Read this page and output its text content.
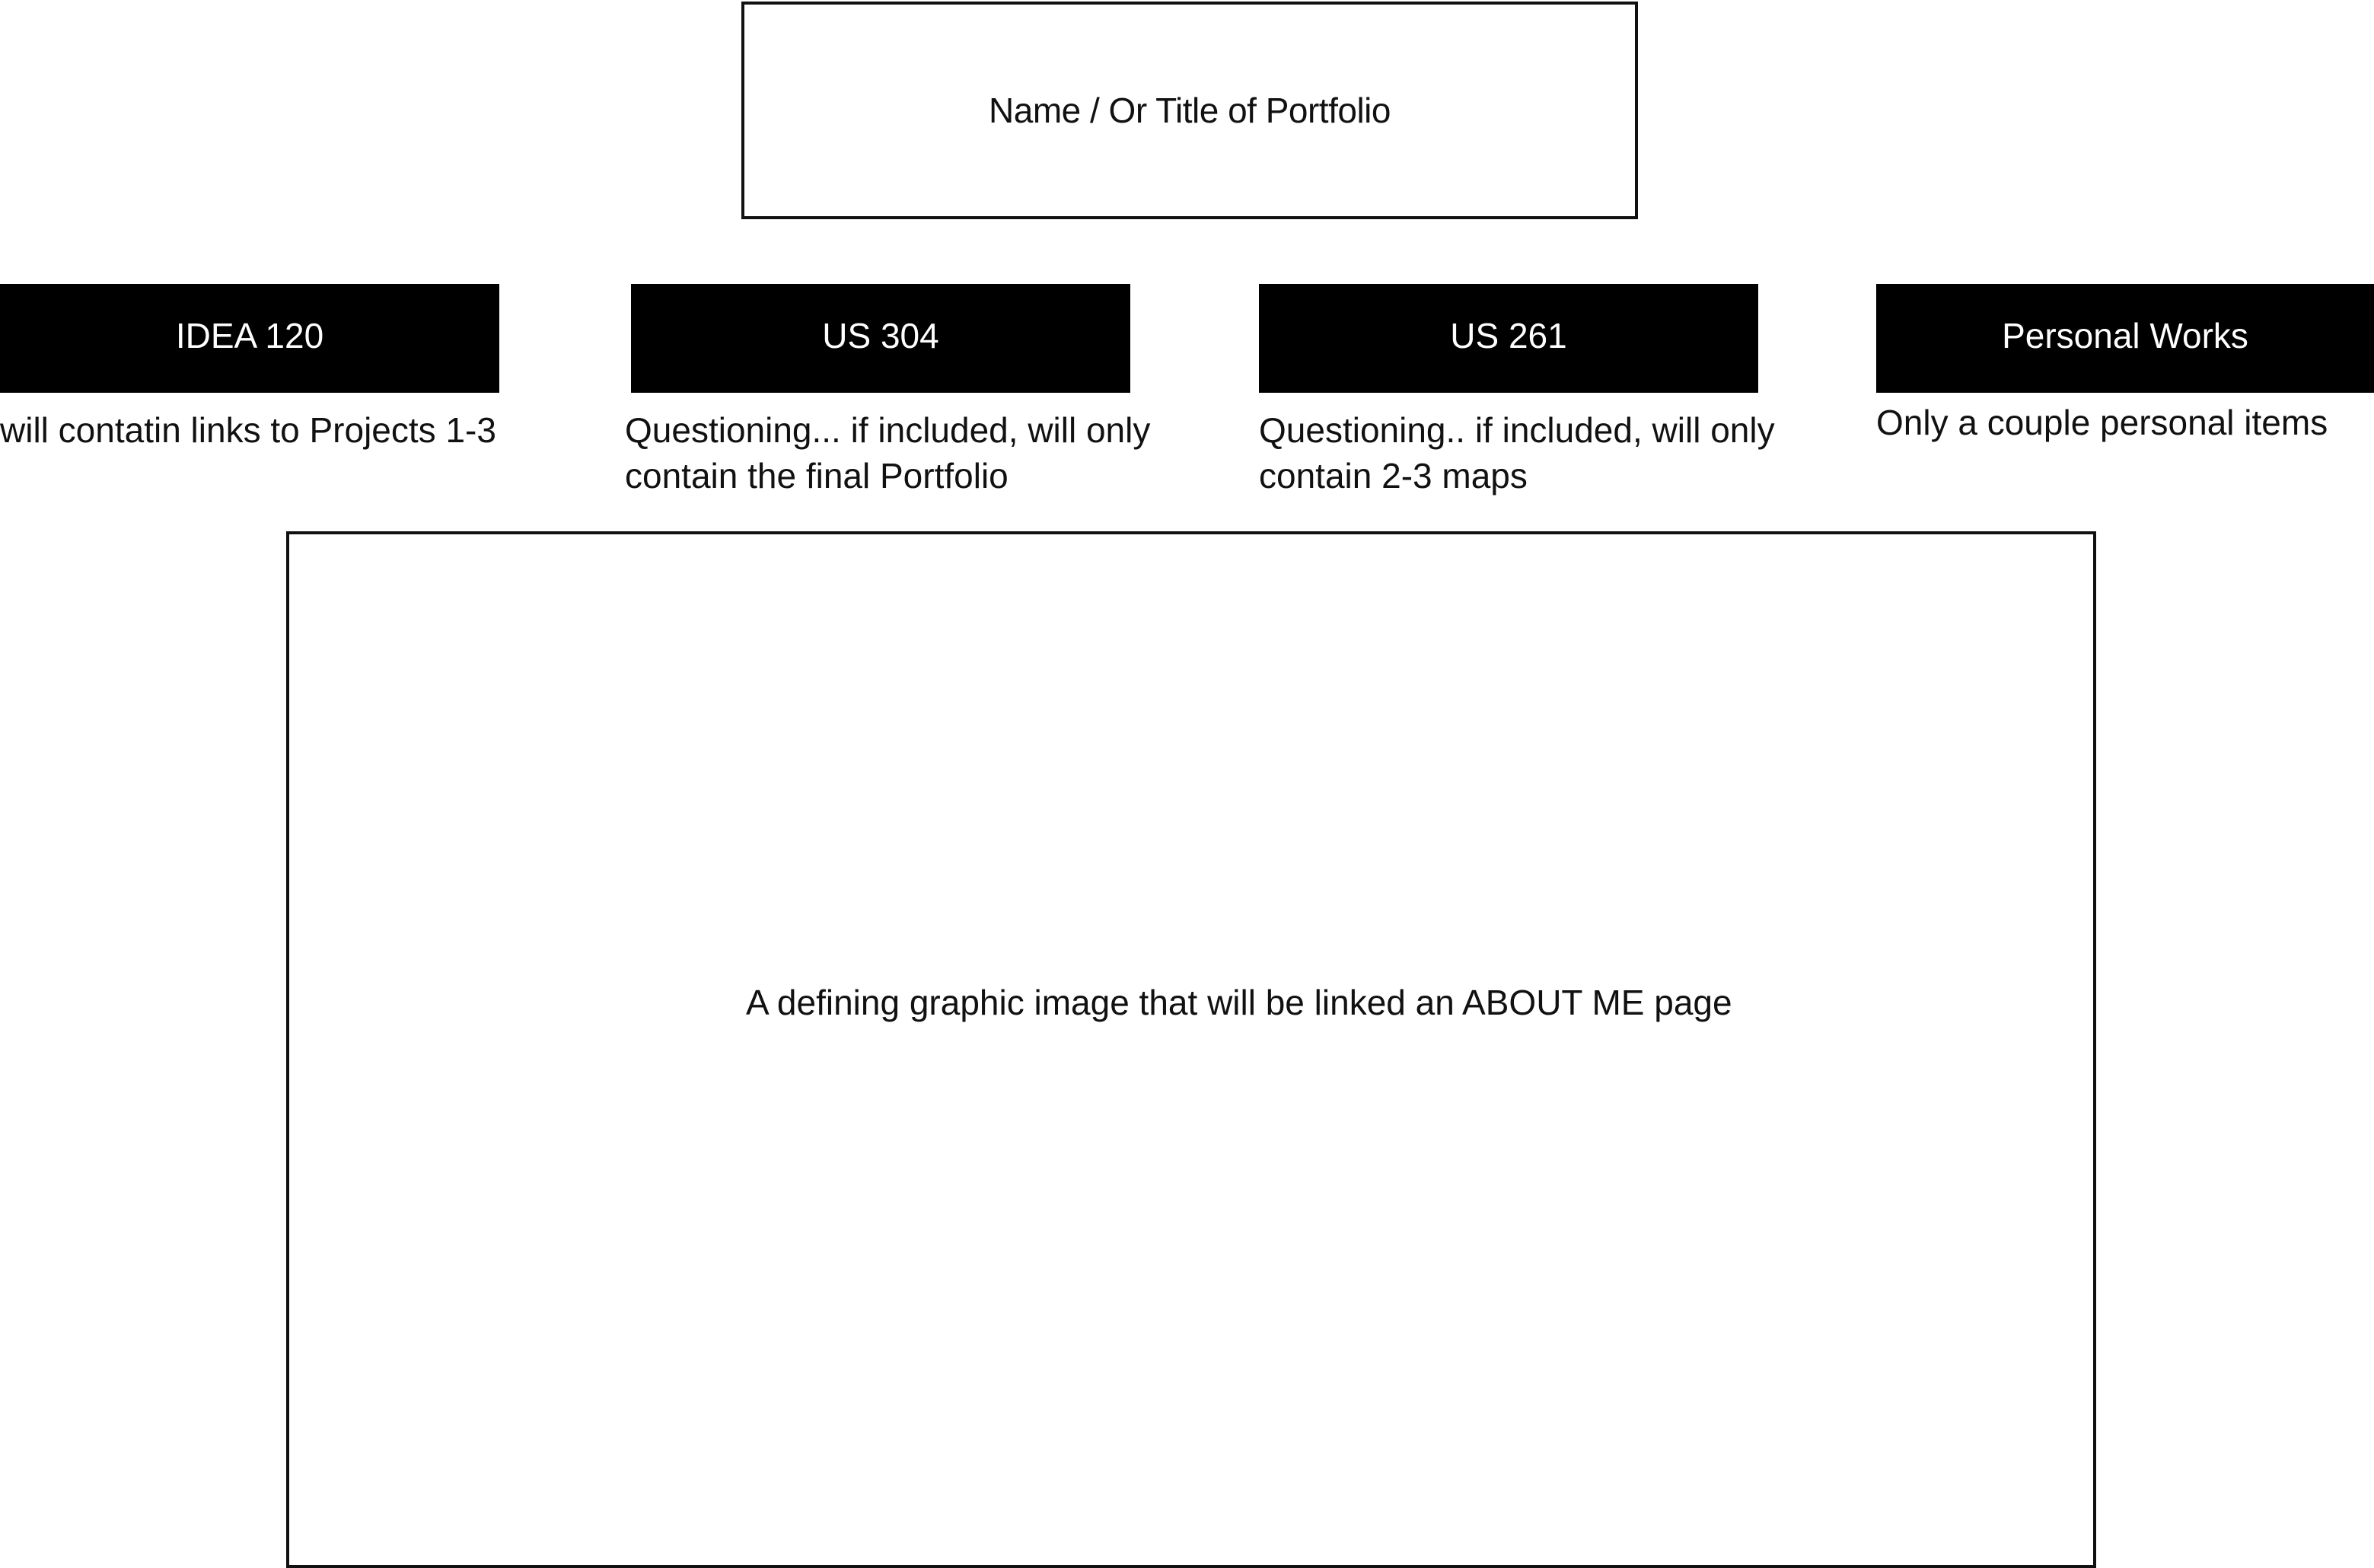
Name / Or Title of Portfolio
IDEA 120	US 304	US 261	Personal Works
will contatin links to Projects 1-3	Questioning... if included, will only
contain the final Portfolio
Questioning.. if included, will only
contain 2-3 maps
Only a couple personal items
A defining graphic image that will be linked an ABOUT ME page
